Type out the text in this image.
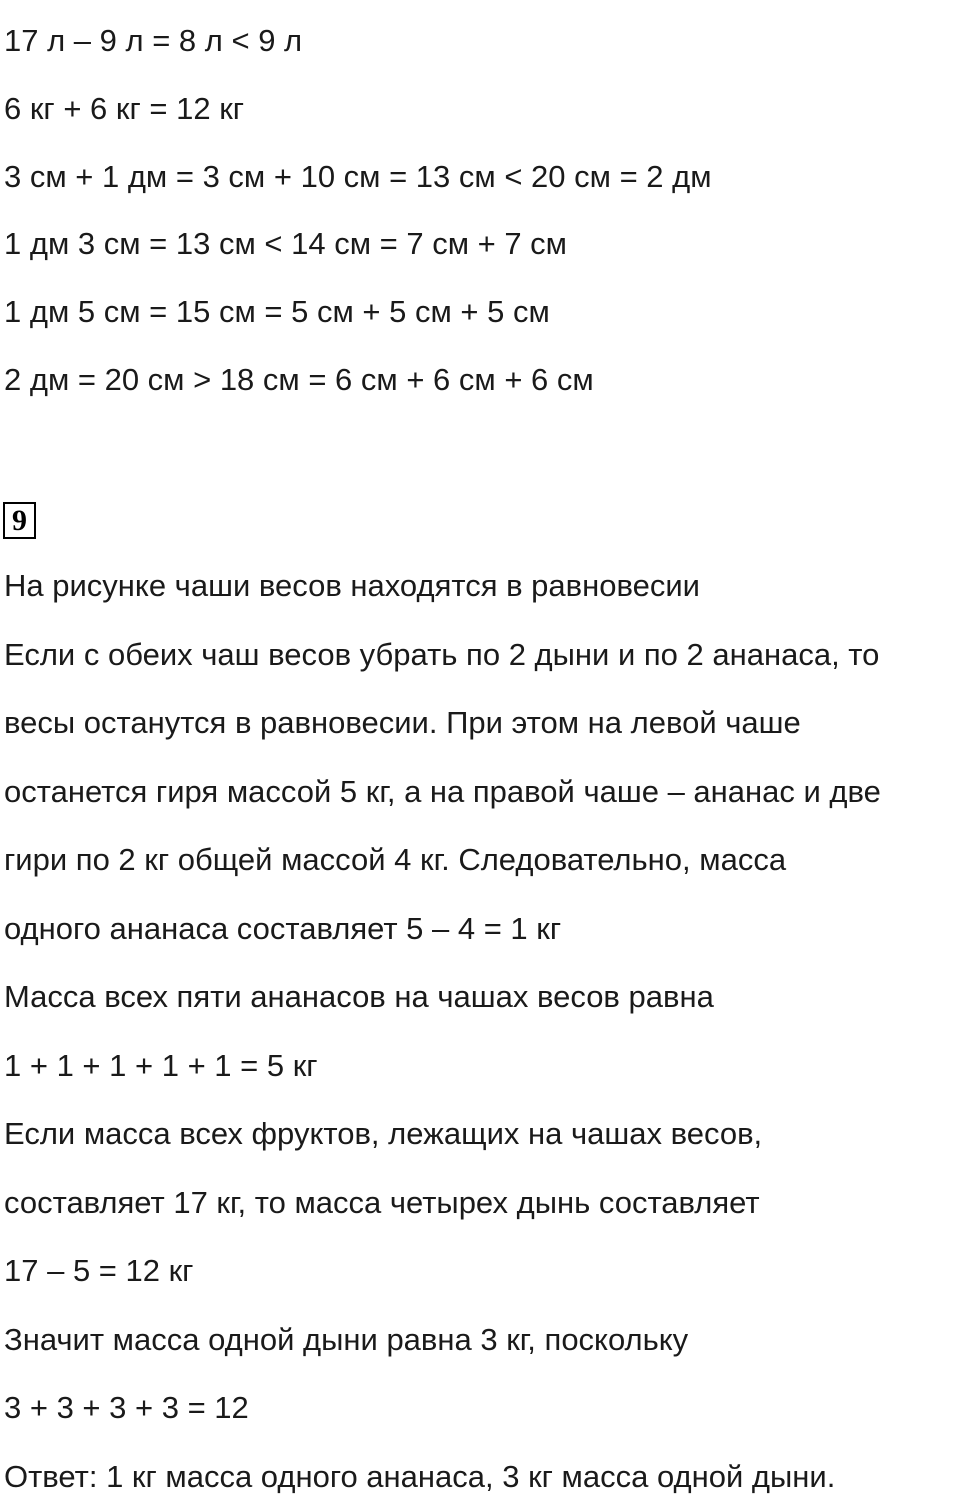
17 л – 9 л = 8 л < 9 л
6 кг + 6 кг = 12 кг
3 см + 1 дм = 3 см + 10 см = 13 см < 20 см = 2 дм
1 дм 3 см = 13 см < 14 см = 7 см + 7 см
1 дм 5 см = 15 см = 5 см + 5 см + 5 см
2 дм = 20 см > 18 см = 6 см + 6 см + 6 см
9
На рисунке чаши весов находятся в равновесии
Если с обеих чаш весов убрать по 2 дыни и по 2 ананаса, то
весы останутся в равновесии. При этом на левой чаше
останется гиря массой 5 кг, а на правой чаше – ананас и две
гири по 2 кг общей массой 4 кг. Следовательно, масса
одного ананаса составляет 5 – 4 = 1 кг
Масса всех пяти ананасов на чашах весов равна
1 + 1 + 1 + 1 + 1 = 5 кг
Если масса всех фруктов, лежащих на чашах весов,
составляет 17 кг, то масса четырех дынь составляет
17 – 5 = 12 кг
Значит масса одной дыни равна 3 кг, поскольку
3 + 3 + 3 + 3 = 12
Ответ: 1 кг масса одного ананаса, 3 кг масса одной дыни.
